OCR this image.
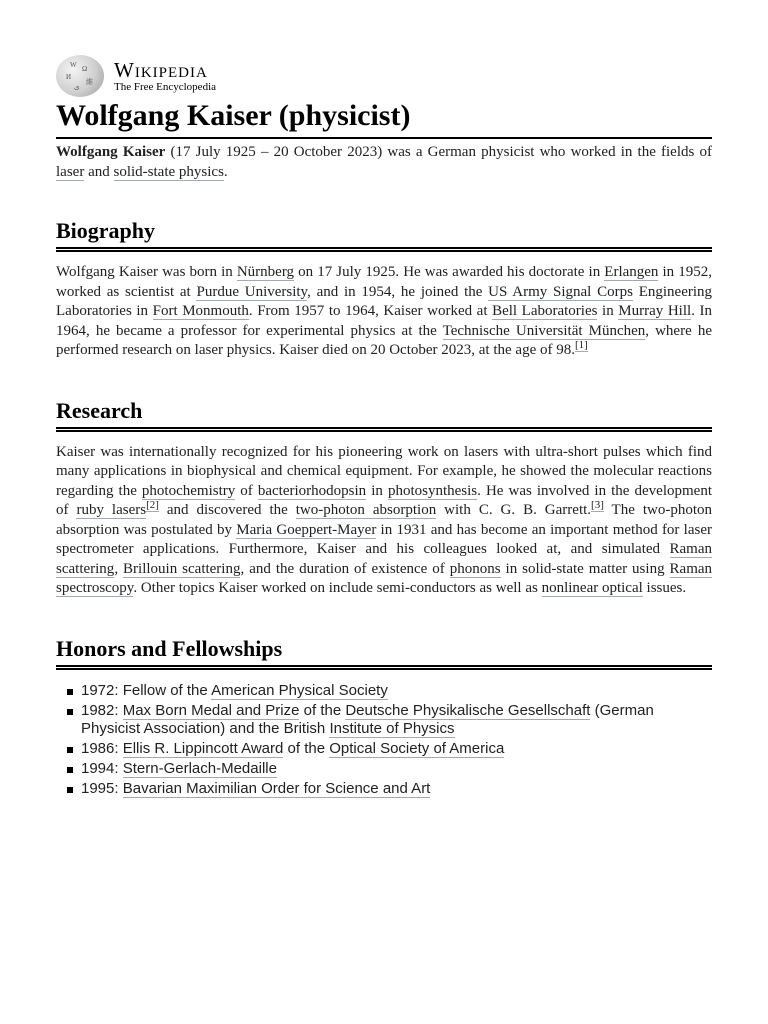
W Ω
И
維
ی
Wikipedia
The Free Encyclopedia
Wolfgang Kaiser (physicist)

Wolfgang Kaiser (17 July 1925 – 20 October 2023) was a German physicist who worked in the fields of laser and solid-state physics.

Biography

Wolfgang Kaiser was born in Nürnberg on 17 July 1925. He was awarded his doctorate in Erlangen in 1952, worked as scientist at Purdue University, and in 1954, he joined the US Army Signal Corps Engineering Laboratories in Fort Monmouth. From 1957 to 1964, Kaiser worked at Bell Laboratories in Murray Hill. In 1964, he became a professor for experimental physics at the Technische Universität München, where he performed research on laser physics. Kaiser died on 20 October 2023, at the age of 98.[1]

Research

Kaiser was internationally recognized for his pioneering work on lasers with ultra-short pulses which find many applications in biophysical and chemical equipment. For example, he showed the molecular reactions regarding the photochemistry of bacteriorhodopsin in photosynthesis. He was involved in the development of ruby lasers[2] and discovered the two-photon absorption with C. G. B. Garrett.[3] The two-photon absorption was postulated by Maria Goeppert-Mayer in 1931 and has become an important method for laser spectrometer applications. Furthermore, Kaiser and his colleagues looked at, and simulated Raman scattering, Brillouin scattering, and the duration of existence of phonons in solid-state matter using Raman spectroscopy. Other topics Kaiser worked on include semi-conductors as well as nonlinear optical issues.

Honors and Fellowships
1972: Fellow of the American Physical Society
1982: Max Born Medal and Prize of the Deutsche Physikalische Gesellschaft (German Physicist Association) and the British Institute of Physics
1986: Ellis R. Lippincott Award of the Optical Society of America
1994: Stern-Gerlach-Medaille
1995: Bavarian Maximilian Order for Science and Art
